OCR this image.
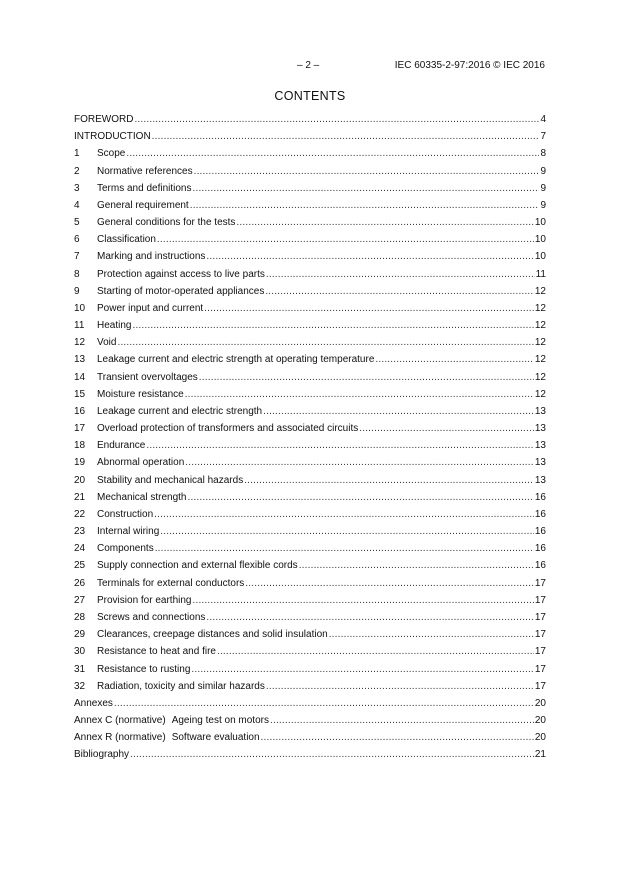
– 2 –	IEC 60335-2-97:2016 © IEC 2016
CONTENTS
FOREWORD .....	4
INTRODUCTION .....	7
1	Scope .....	8
2	Normative references .....	9
3	Terms and definitions .....	9
4	General requirement .....	9
5	General conditions for the tests .....	10
6	Classification .....	10
7	Marking and instructions .....	10
8	Protection against access to live parts .....	11
9	Starting of motor-operated appliances .....	12
10	Power input and current .....	12
11	Heating .....	12
12	Void .....	12
13	Leakage current and electric strength at operating temperature .....	12
14	Transient overvoltages .....	12
15	Moisture resistance .....	12
16	Leakage current and electric strength .....	13
17	Overload protection of transformers and associated circuits .....	13
18	Endurance .....	13
19	Abnormal operation .....	13
20	Stability and mechanical hazards .....	13
21	Mechanical strength .....	16
22	Construction .....	16
23	Internal wiring .....	16
24	Components .....	16
25	Supply connection and external flexible cords .....	16
26	Terminals for external conductors .....	17
27	Provision for earthing .....	17
28	Screws and connections .....	17
29	Clearances, creepage distances and solid insulation .....	17
30	Resistance to heat and fire .....	17
31	Resistance to rusting .....	17
32	Radiation, toxicity and similar hazards .....	17
Annexes .....	20
Annex C (normative) Ageing test on motors .....	20
Annex R (normative) Software evaluation .....	20
Bibliography .....	21
